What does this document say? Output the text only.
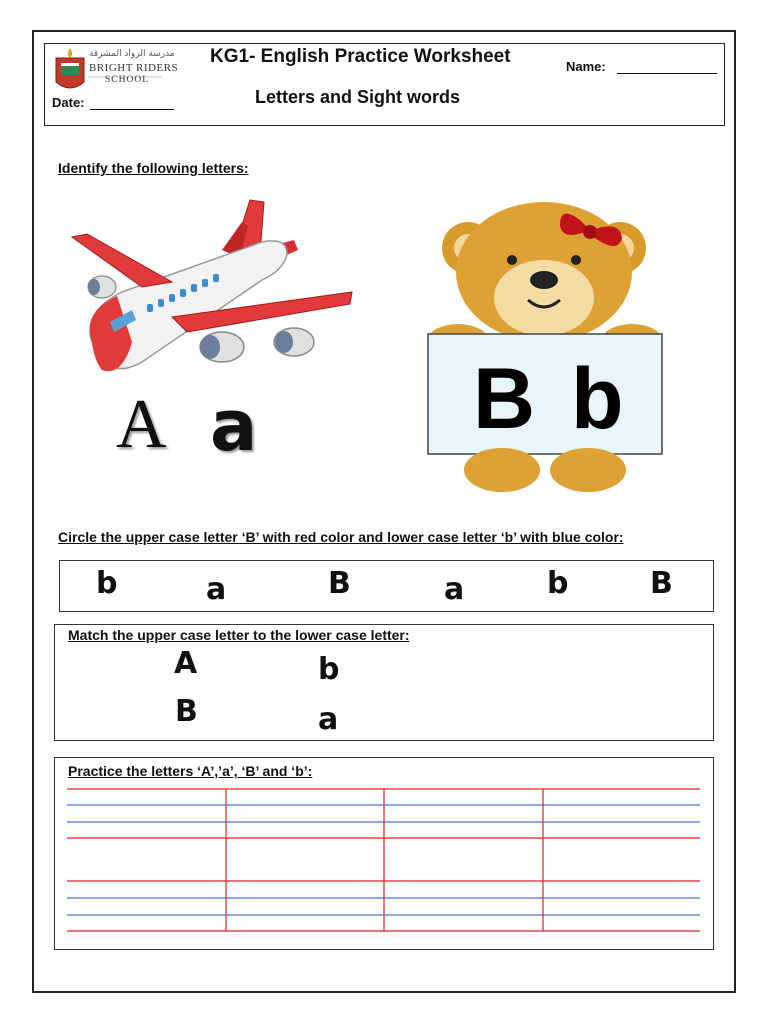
مدرسة الرواد المشرقة
BRIGHT RIDERS
SCHOOL
KG1- English Practice Worksheet
Letters and Sight words
Name:
Date:
Identify the following letters:
A a	B b
Circle the upper case letter ‘B’ with red color and lower case letter ‘b’ with blue color:
b	a	B	a	b	B
Match the upper case letter to the lower case letter:
A
B
b
a
Practice the letters ‘A’,’a’, ‘B’ and ‘b’:
